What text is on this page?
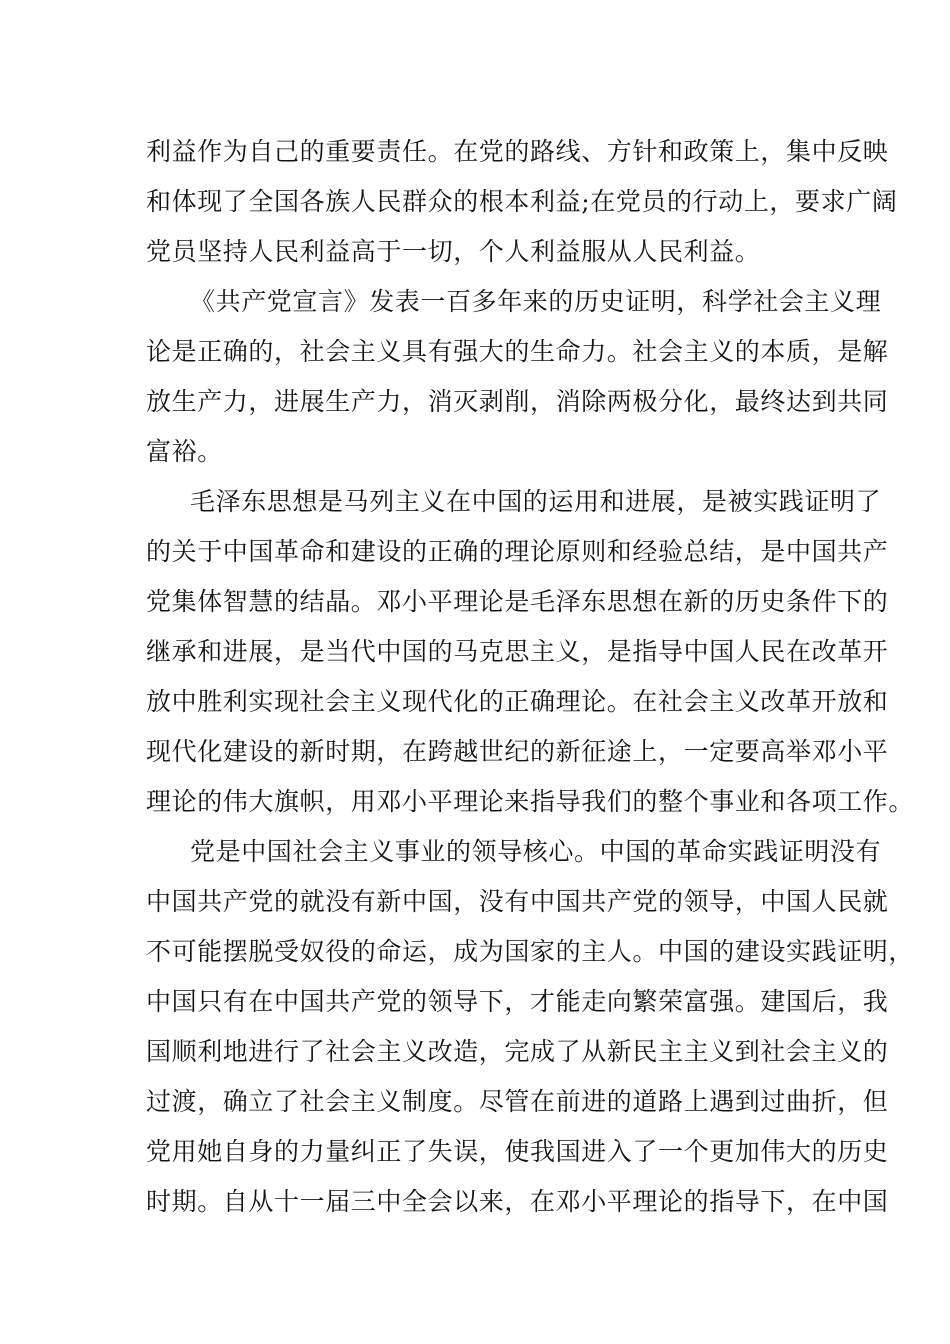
利益作为自己的重要责任。在党的路线、方针和政策上，集中反映
和体现了全国各族人民群众的根本利益;在党员的行动上，要求广阔
党员坚持人民利益高于一切，个人利益服从人民利益。
《共产党宣言》发表一百多年来的历史证明，科学社会主义理
论是正确的，社会主义具有强大的生命力。社会主义的本质，是解
放生产力，进展生产力，消灭剥削，消除两极分化，最终达到共同
富裕。
毛泽东思想是马列主义在中国的运用和进展，是被实践证明了
的关于中国革命和建设的正确的理论原则和经验总结，是中国共产
党集体智慧的结晶。邓小平理论是毛泽东思想在新的历史条件下的
继承和进展，是当代中国的马克思主义，是指导中国人民在改革开
放中胜利实现社会主义现代化的正确理论。在社会主义改革开放和
现代化建设的新时期，在跨越世纪的新征途上，一定要高举邓小平
理论的伟大旗帜，用邓小平理论来指导我们的整个事业和各项工作。
党是中国社会主义事业的领导核心。中国的革命实践证明没有
中国共产党的就没有新中国，没有中国共产党的领导，中国人民就
不可能摆脱受奴役的命运，成为国家的主人。中国的建设实践证明，
中国只有在中国共产党的领导下，才能走向繁荣富强。建国后，我
国顺利地进行了社会主义改造，完成了从新民主主义到社会主义的
过渡，确立了社会主义制度。尽管在前进的道路上遇到过曲折，但
党用她自身的力量纠正了失误，使我国进入了一个更加伟大的历史
时期。自从十一届三中全会以来，在邓小平理论的指导下，在中国
